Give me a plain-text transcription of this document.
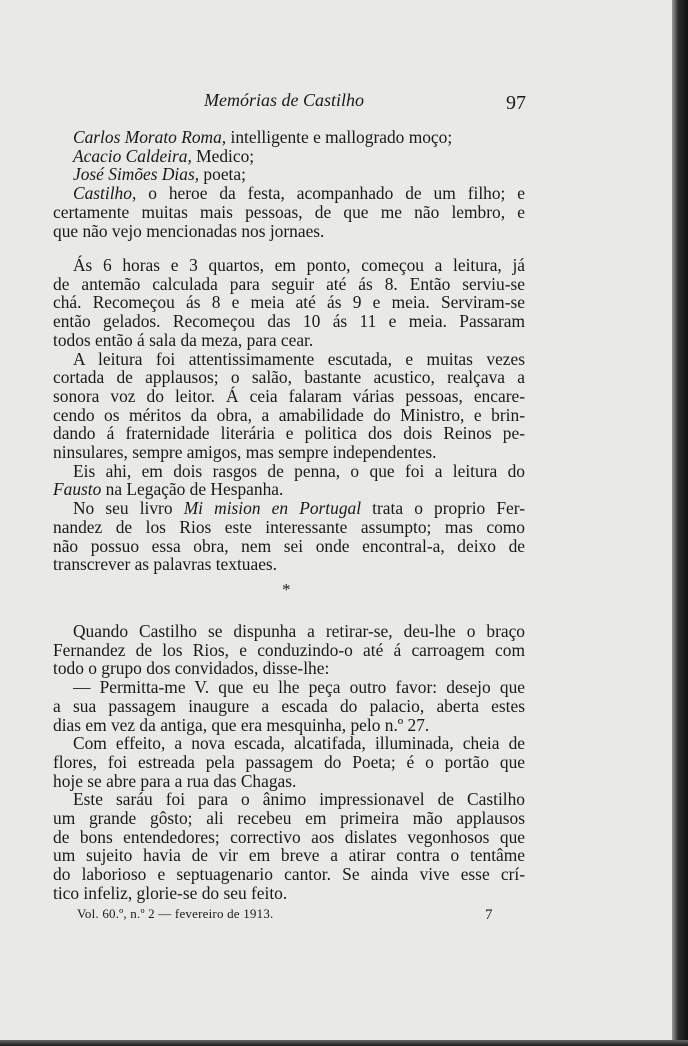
Memórias de Castilho	97
Carlos Morato Roma, intelligente e mallogrado moço;
Acacio Caldeira, Medico;
José Simões Dias, poeta;
Castilho, o heroe da festa, acompanhado de um filho; e
certamente muitas mais pessoas, de que me não lembro, e
que não vejo mencionadas nos jornaes.
Ás 6 horas e 3 quartos, em ponto, começou a leitura, já
de antemão calculada para seguir até ás 8. Então serviu-se
chá. Recomeçou ás 8 e meia até ás 9 e meia. Serviram-se
então gelados. Recomeçou das 10 ás 11 e meia. Passaram
todos então á sala da meza, para cear.
A leitura foi attentissimamente escutada, e muitas vezes
cortada de applausos; o salão, bastante acustico, realçava a
sonora voz do leitor. Á ceia falaram várias pessoas, encare-
cendo os méritos da obra, a amabilidade do Ministro, e brin-
dando á fraternidade literária e politica dos dois Reinos pe-
ninsulares, sempre amigos, mas sempre independentes.
Eis ahi, em dois rasgos de penna, o que foi a leitura do
Fausto na Legação de Hespanha.
No seu livro Mi mision en Portugal trata o proprio Fer-
nandez de los Rios este interessante assumpto; mas como
não possuo essa obra, nem sei onde encontral-a, deixo de
transcrever as palavras textuaes.
*
Quando Castilho se dispunha a retirar-se, deu-lhe o braço
Fernandez de los Rios, e conduzindo-o até á carroagem com
todo o grupo dos convidados, disse-lhe:
— Permitta-me V. que eu lhe peça outro favor: desejo que
a sua passagem inaugure a escada do palacio, aberta estes
dias em vez da antiga, que era mesquinha, pelo n.º 27.
Com effeito, a nova escada, alcatifada, illuminada, cheia de
flores, foi estreada pela passagem do Poeta; é o portão que
hoje se abre para a rua das Chagas.
Este saráu foi para o ânimo impressionavel de Castilho
um grande gôsto; ali recebeu em primeira mão applausos
de bons entendedores; correctivo aos dislates vegonhosos que
um sujeito havia de vir em breve a atirar contra o tentâme
do laborioso e septuagenario cantor. Se ainda vive esse crí-
tico infeliz, glorie-se do seu feito.
Vol. 60.º, n.º 2 — fevereiro de 1913.	7
